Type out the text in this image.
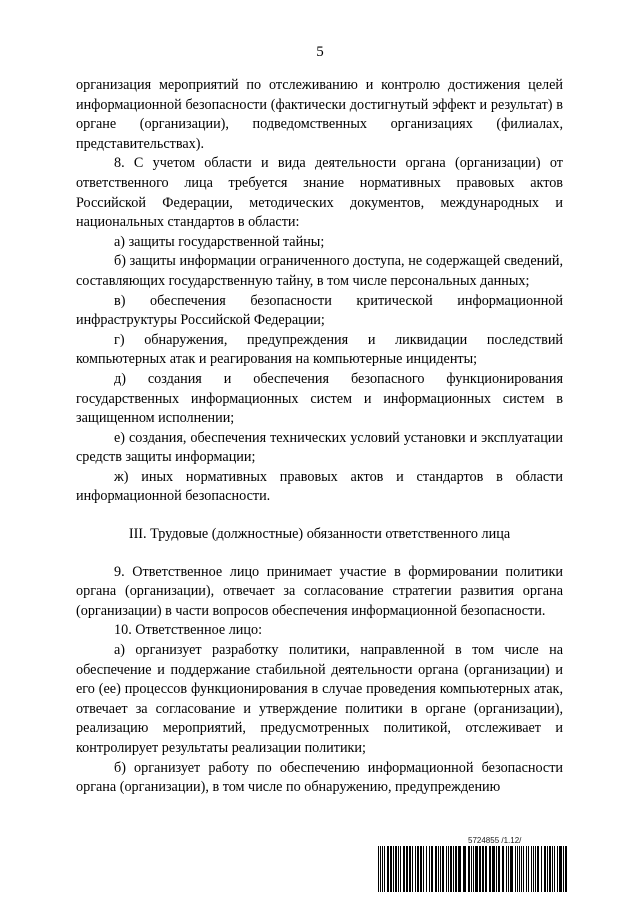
5

организация мероприятий по отслеживанию и контролю достижения целей информационной безопасности (фактически достигнутый эффект и результат) в органе (организации), подведомственных организациях (филиалах, представительствах).

8. С учетом области и вида деятельности органа (организации) от ответственного лица требуется знание нормативных правовых актов Российской Федерации, методических документов, международных и национальных стандартов в области:

а) защиты государственной тайны;

б) защиты информации ограниченного доступа, не содержащей сведений, составляющих государственную тайну, в том числе персональных данных;

в) обеспечения безопасности критической информационной инфраструктуры Российской Федерации;

г) обнаружения, предупреждения и ликвидации последствий компьютерных атак и реагирования на компьютерные инциденты;

д) создания и обеспечения безопасного функционирования государственных информационных систем и информационных систем в защищенном исполнении;

е) создания, обеспечения технических условий установки и эксплуатации средств защиты информации;

ж) иных нормативных правовых актов и стандартов в области информационной безопасности.

III. Трудовые (должностные) обязанности ответственного лица

9. Ответственное лицо принимает участие в формировании политики органа (организации), отвечает за согласование стратегии развития органа (организации) в части вопросов обеспечения информационной безопасности.

10. Ответственное лицо:

а) организует разработку политики, направленной в том числе на обеспечение и поддержание стабильной деятельности органа (организации) и его (ее) процессов функционирования в случае проведения компьютерных атак, отвечает за согласование и утверждение политики в органе (организации), реализацию мероприятий, предусмотренных политикой, отслеживает и контролирует результаты реализации политики;

б) организует работу по обеспечению информационной безопасности органа (организации), в том числе по обнаружению, предупреждению

5724855 /1.12/
